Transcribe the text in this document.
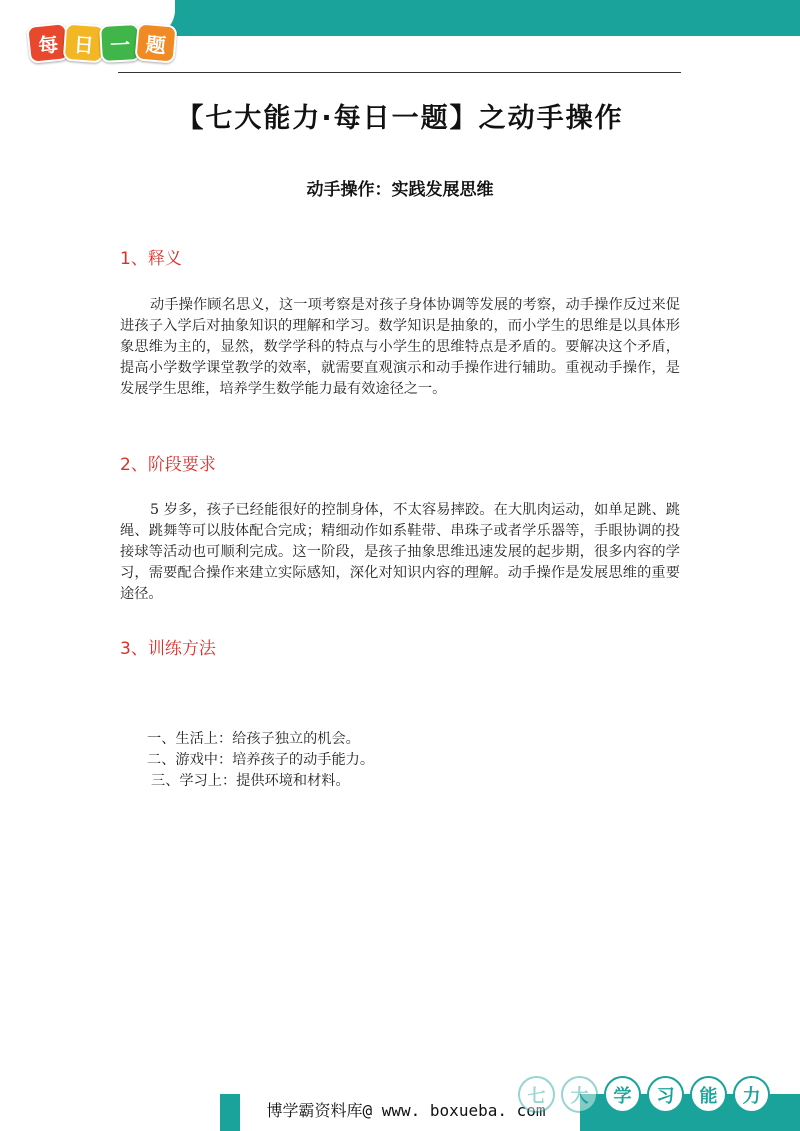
每 日 一 题
【七大能力·每日一题】之动手操作
动手操作：实践发展思维
1、释义
动手操作顾名思义，这一项考察是对孩子身体协调等发展的考察，动手操作反过来促进孩子入学后对抽象知识的理解和学习。数学知识是抽象的，而小学生的思维是以具体形象思维为主的，显然，数学学科的特点与小学生的思维特点是矛盾的。要解决这个矛盾，提高小学数学课堂教学的效率，就需要直观演示和动手操作进行辅助。重视动手操作，是发展学生思维，培养学生数学能力最有效途径之一。
2、阶段要求
5 岁多，孩子已经能很好的控制身体，不太容易摔跤。在大肌肉运动，如单足跳、跳绳、跳舞等可以肢体配合完成；精细动作如系鞋带、串珠子或者学乐器等，手眼协调的投接球等活动也可顺利完成。这一阶段，是孩子抽象思维迅速发展的起步期，很多内容的学习，需要配合操作来建立实际感知，深化对知识内容的理解。动手操作是发展思维的重要途径。
3、训练方法
一、生活上：给孩子独立的机会。
二、游戏中：培养孩子的动手能力。
三、学习上：提供环境和材料。
博学霸资料库@ www. boxueba. com
七	大	学	习	能	力
